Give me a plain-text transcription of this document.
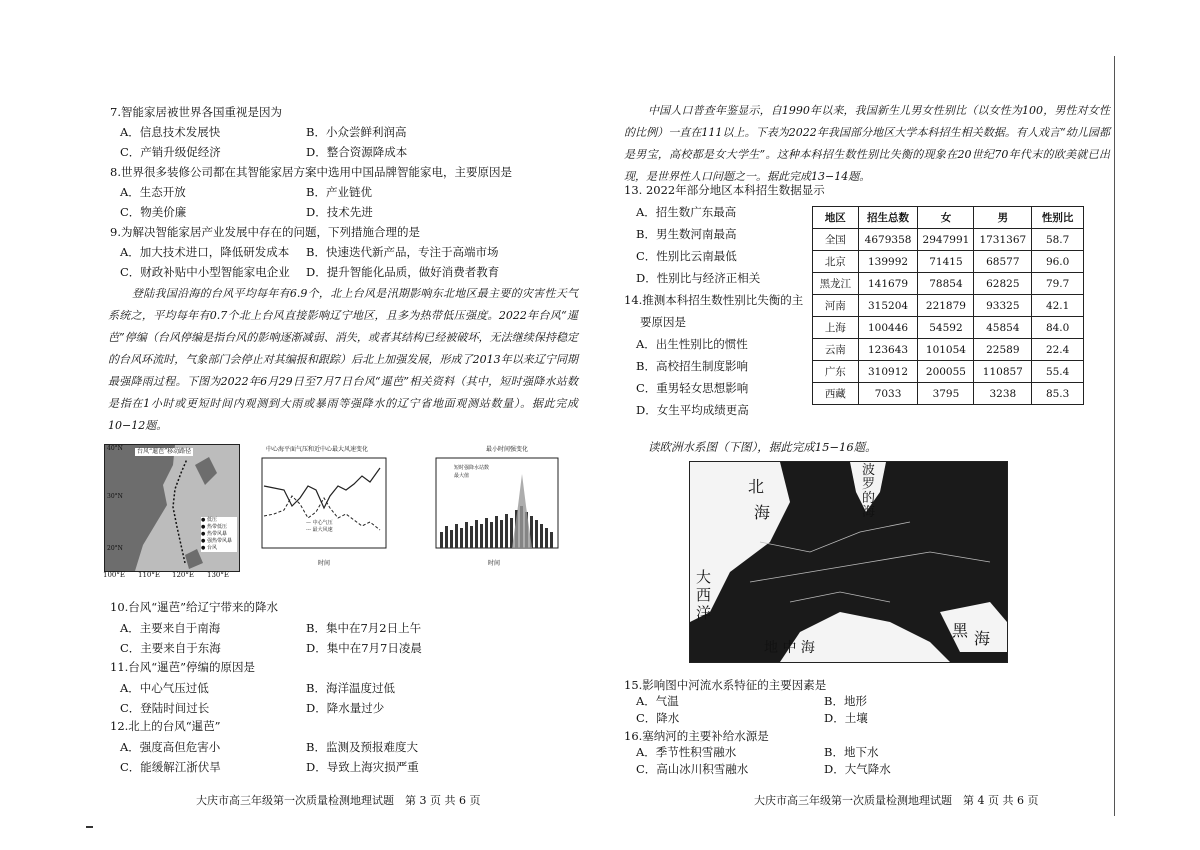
7.智能家居被世界各国重视是因为
A．信息技术发展快	B．小众尝鲜利润高
C．产销升级促经济	D．整合资源降成本
8.世界很多装修公司都在其智能家居方案中选用中国品牌智能家电，主要原因是
A．生态开放	B．产业链优
C．物美价廉	D．技术先进
9.为解决智能家居产业发展中存在的问题，下列措施合理的是
A．加大技术进口，降低研发成本 B．快速迭代新产品，专注于高端市场
C．财政补贴中小型智能家电企业 D．提升智能化品质，做好消费者教育
登陆我国沿海的台风平均每年有6.9个，北上台风是汛期影响东北地区最主要的灾害性天气系统之，平均每年有0.7个北上台风直接影响辽宁地区，且多为热带低压强度。2022年台风“暹芭”停编（台风停编是指台风的影响逐渐减弱、消失，或者其结构已经被破坏，无法继续保持稳定的台风环流时，气象部门会停止对其编报和跟踪）后北上加强发展，形成了2013年以来辽宁同期最强降雨过程。下图为2022年6月29日至7月7日台风“暹芭”相关资料（其中，短时强降水站数是指在1小时或更短时间内观测到大雨或暴雨等强降水的辽宁省地面观测站数量）。据此完成10−12题。
台风“暹芭”移动路径
40°N
30°N
20°N
● 低压
● 热带低压
● 热带风暴
● 强热带风暴
● 台风
100°E 110°E 120°E 130°E
中心海平面气压和近中心最大风速变化
— 中心气压
--- 最大风速
时间
最小时间强变化
短时强降水站数
最大值
时间
10.台风“暹芭”给辽宁带来的降水
A．主要来自于南海	B．集中在7月2日上午
C．主要来自于东海	D．集中在7月7日凌晨
11.台风“暹芭”停编的原因是
A．中心气压过低	B．海洋温度过低
C．登陆时间过长	D．降水量过少
12.北上的台风“暹芭”
A．强度高但危害小	B．监测及预报难度大
C．能缓解江浙伏旱	D．导致上海灾损严重
大庆市高三年级第一次质量检测地理试题　第 3 页 共 6 页
中国人口普查年鉴显示，自1990年以来，我国新生儿男女性别比（以女性为100，男性对女性的比例）一直在111以上。下表为2022年我国部分地区大学本科招生相关数据。有人戏言“幼儿园都是男宝，高校都是女大学生”。这种本科招生数性别比失衡的现象在20世纪70年代末的欧美就已出现，是世界性人口问题之一。据此完成13−14题。
13. 2022年部分地区本科招生数据显示
A．招生数广东最高
B．男生数河南最高
C．性别比云南最低
D．性别比与经济正相关
14.推测本科招生数性别比失衡的主
要原因是
A．出生性别比的惯性
B．高校招生制度影响
C．重男轻女思想影响
D．女生平均成绩更高
地区	招生总数	女	男	性别比
全国	4679358	2947991	1731367	58.7
北京	139992	71415	68577	96.0
黑龙江	141679	78854	62825	79.7
河南	315204	221879	93325	42.1
上海	100446	54592	45854	84.0
云南	123643	101054	22589	22.4
广东	310912	200055	110857	55.4
西藏	7033	3795	3238	85.3
读欧洲水系图（下图），据此完成15−16题。
北
海
波
罗
的
海
大
西
洋
黑 海
地 中 海
15.影响图中河流水系特征的主要因素是
A．气温	B．地形
C．降水	D．土壤
16.塞纳河的主要补给水源是
A．季节性积雪融水	B．地下水
C．高山冰川积雪融水	D．大气降水
大庆市高三年级第一次质量检测地理试题　第 4 页 共 6 页
